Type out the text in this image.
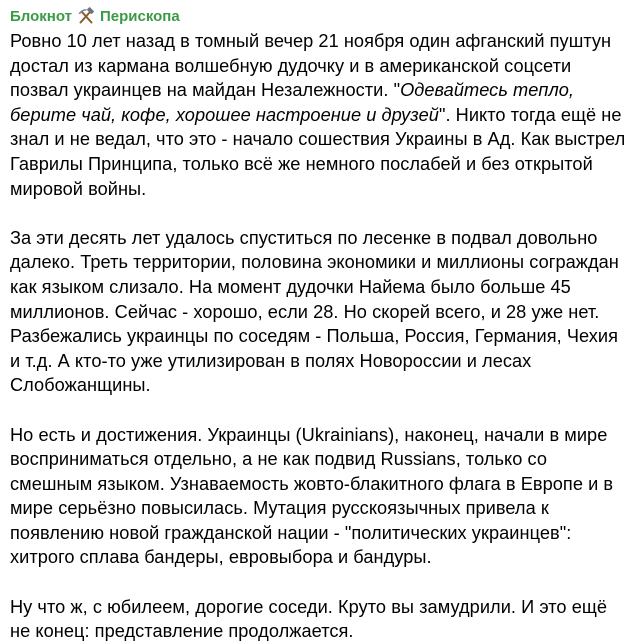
Блокнот Перископа

Ровно 10 лет назад в томный вечер 21 ноября один афганский пуштун достал из кармана волшебную дудочку и в американской соцсети позвал украинцев на майдан Незалежности. "Одевайтесь тепло, берите чай, кофе, хорошее настроение и друзей". Никто тогда ещё не знал и не ведал, что это - начало сошествия Украины в Ад. Как выстрел Гаврилы Принципа, только всё же немного послабей и без открытой мировой войны.

За эти десять лет удалось спуститься по лесенке в подвал довольно далеко. Треть территории, половина экономики и миллионы сограждан как языком слизало. На момент дудочки Найема было больше 45 миллионов. Сейчас - хорошо, если 28. Но скорей всего, и 28 уже нет. Разбежались украинцы по соседям - Польша, Россия, Германия, Чехия и т.д. А кто-то уже утилизирован в полях Новороссии и лесах Слобожанщины.

Но есть и достижения. Украинцы (Ukrainians), наконец, начали в мире восприниматься отдельно, а не как подвид Russians, только со смешным языком. Узнаваемость жовто-блакитного флага в Европе и в мире серьёзно повысилась. Мутация русскоязычных привела к появлению новой гражданской нации - "политических украинцев": хитрого сплава бандеры, евровыбора и бандуры.

Ну что ж, с юбилеем, дорогие соседи. Круто вы замудрили. И это ещё не конец: представление продолжается.
